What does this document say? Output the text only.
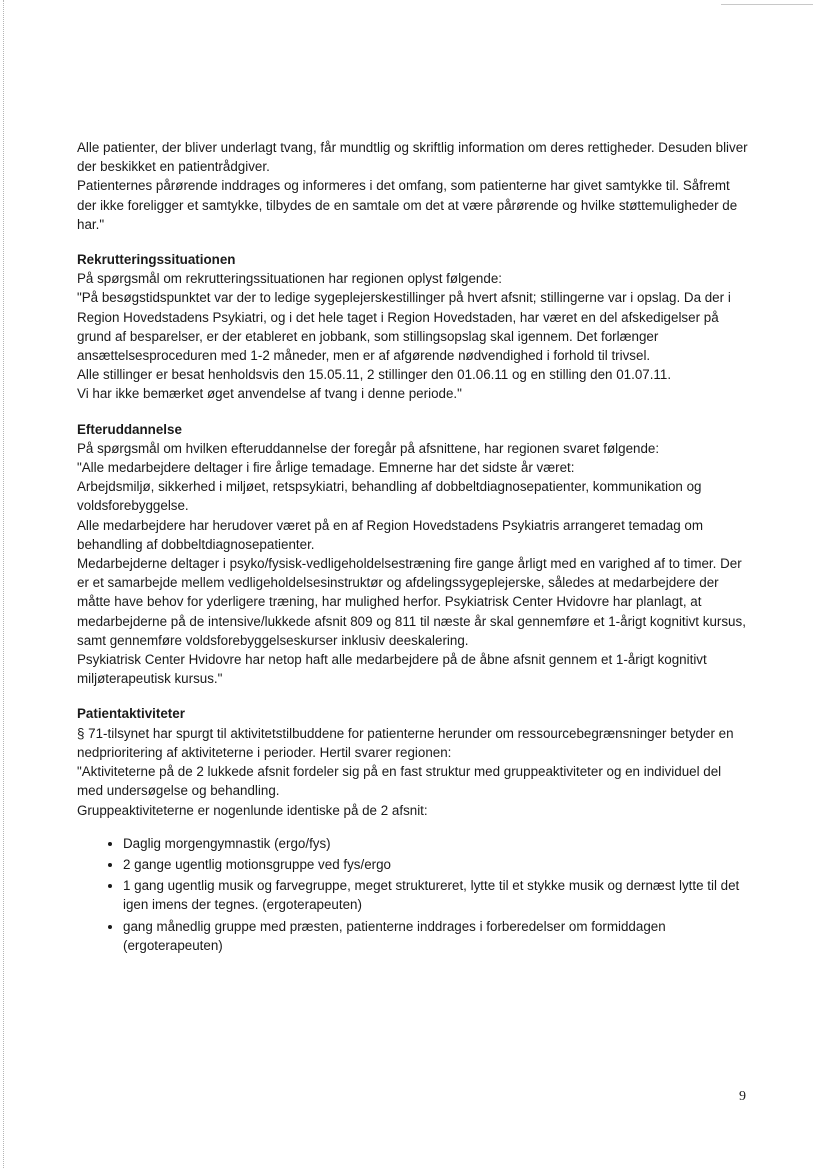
Alle patienter, der bliver underlagt tvang, får mundtlig og skriftlig information om deres rettigheder. Desuden bliver der beskikket en patientrådgiver.

Patienternes pårørende inddrages og informeres i det omfang, som patienterne har givet samtykke til. Såfremt der ikke foreligger et samtykke, tilbydes de en samtale om det at være pårørende og hvilke støttemuligheder de har."

Rekrutteringssituationen

På spørgsmål om rekrutteringssituationen har regionen oplyst følgende:

"På besøgstidspunktet var der to ledige sygeplejerskestillinger på hvert afsnit; stillingerne var i opslag. Da der i Region Hovedstadens Psykiatri, og i det hele taget i Region Hovedstaden, har været en del afskedigelser på grund af besparelser, er der etableret en jobbank, som stillingsopslag skal igennem. Det forlænger ansættelsesproceduren med 1-2 måneder, men er af afgørende nødvendighed i forhold til trivsel.

Alle stillinger er besat henholdsvis den 15.05.11, 2 stillinger den 01.06.11 og en stilling den 01.07.11.

Vi har ikke bemærket øget anvendelse af tvang i denne periode."

Efteruddannelse

På spørgsmål om hvilken efteruddannelse der foregår på afsnittene, har regionen svaret følgende:

"Alle medarbejdere deltager i fire årlige temadage. Emnerne har det sidste år været:

Arbejdsmiljø, sikkerhed i miljøet, retspsykiatri, behandling af dobbeltdiagnosepatienter, kommunikation og voldsforebyggelse.

Alle medarbejdere har herudover været på en af Region Hovedstadens Psykiatris arrangeret temadag om behandling af dobbeltdiagnosepatienter.

Medarbejderne deltager i psyko/fysisk-vedligeholdelsestræning fire gange årligt med en varighed af to timer. Der er et samarbejde mellem vedligeholdelsesinstruktør og afdelingssygeplejerske, således at medarbejdere der måtte have behov for yderligere træning, har mulighed herfor. Psykiatrisk Center Hvidovre har planlagt, at medarbejderne på de intensive/lukkede afsnit 809 og 811 til næste år skal gennemføre et 1-årigt kognitivt kursus, samt gennemføre voldsforebyggelseskurser inklusiv deeskalering.

Psykiatrisk Center Hvidovre har netop haft alle medarbejdere på de åbne afsnit gennem et 1-årigt kognitivt miljøterapeutisk kursus."

Patientaktiviteter

§ 71-tilsynet har spurgt til aktivitetstilbuddene for patienterne herunder om ressourcebegrænsninger betyder en nedprioritering af aktiviteterne i perioder. Hertil svarer regionen:

"Aktiviteterne på de 2 lukkede afsnit fordeler sig på en fast struktur med gruppeaktiviteter og en individuel del med undersøgelse og behandling.

Gruppeaktiviteterne er nogenlunde identiske på de 2 afsnit:

• Daglig morgengymnastik (ergo/fys)
• 2 gange ugentlig motionsgruppe ved fys/ergo
• 1 gang ugentlig musik og farvegruppe, meget struktureret, lytte til et stykke musik og dernæst lytte til det igen imens der tegnes. (ergoterapeuten)
• gang månedlig gruppe med præsten, patienterne inddrages i forberedelser om formiddagen (ergoterapeuten)
9
